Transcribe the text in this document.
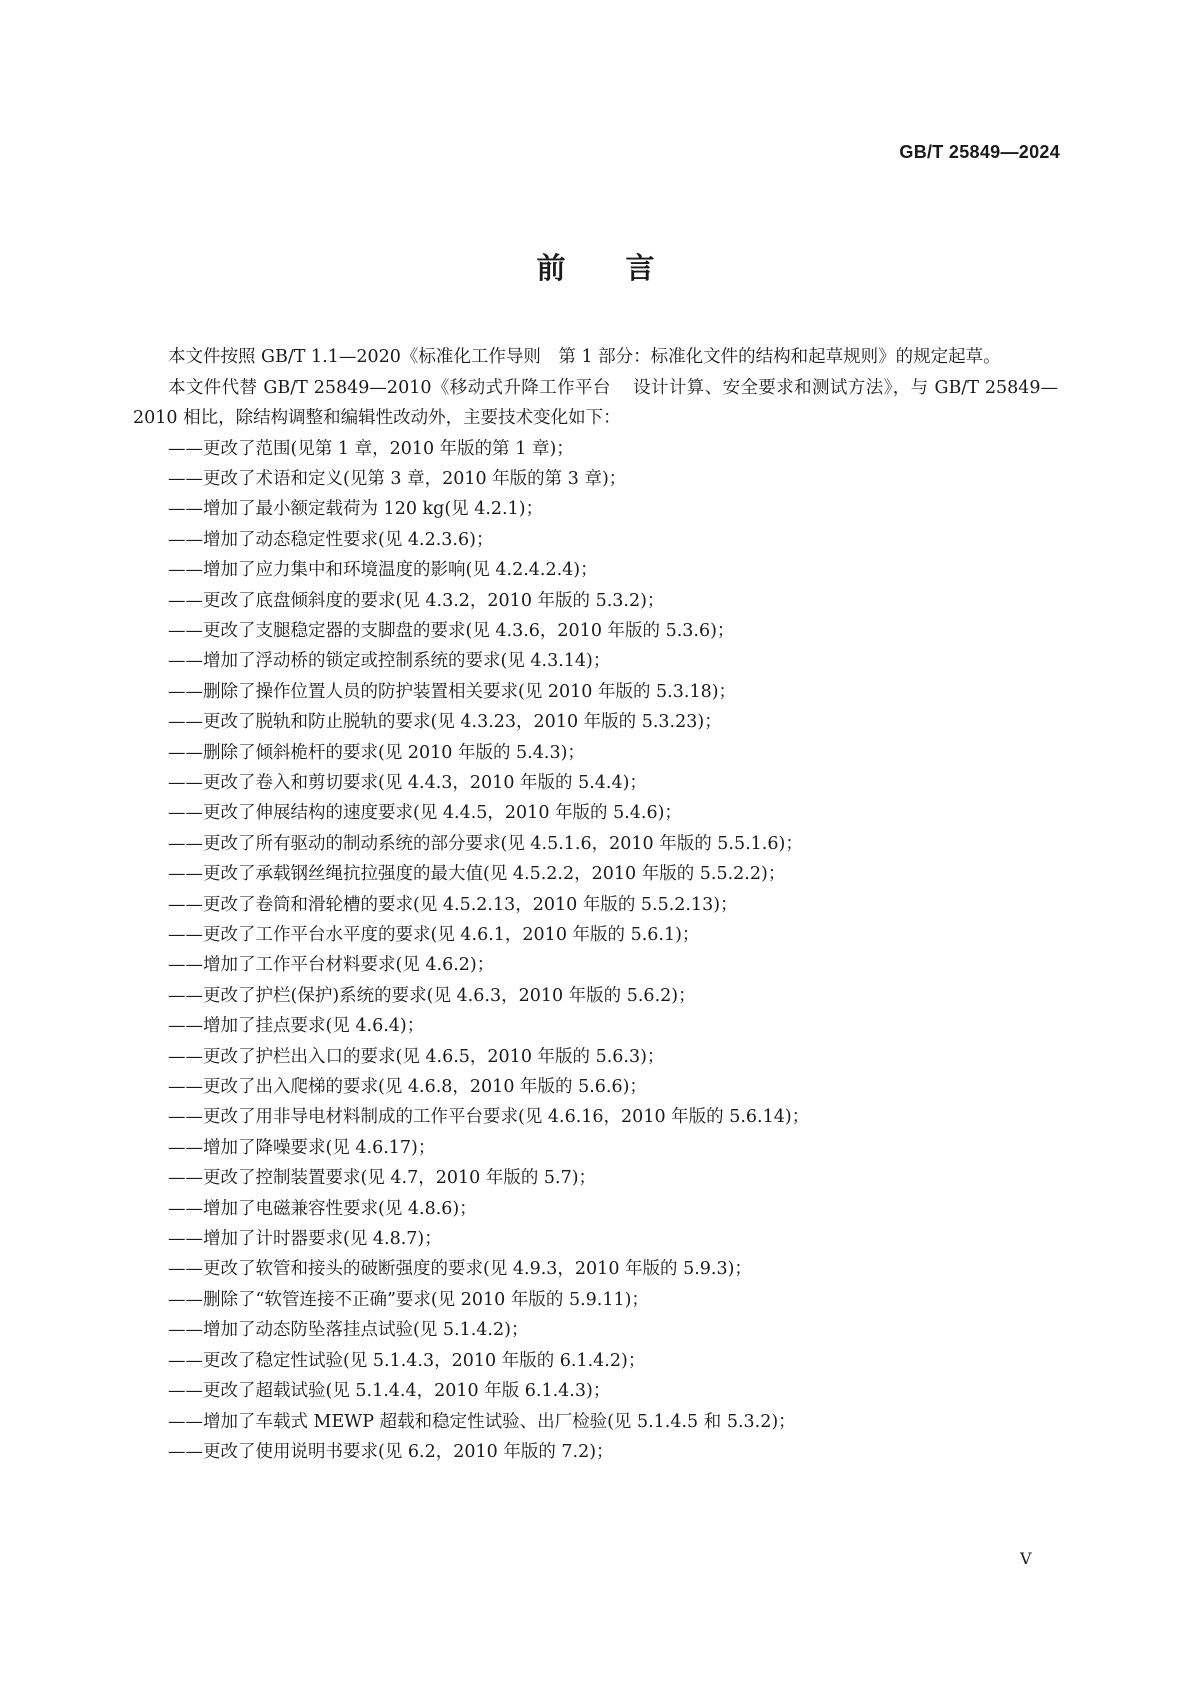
GB/T 25849—2024
前言

本文件按照 GB/T 1.1—2020《标准化工作导则　第 1 部分：标准化文件的结构和起草规则》的规定起草。

本文件代替 GB/T 25849—2010《移动式升降工作平台 设计计算、安全要求和测试方法》，与 GB/T 25849—2010 相比，除结构调整和编辑性改动外，主要技术变化如下：

——更改了范围(见第 1 章，2010 年版的第 1 章)；
——更改了术语和定义(见第 3 章，2010 年版的第 3 章)；
——增加了最小额定载荷为 120 kg(见 4.2.1)；
——增加了动态稳定性要求(见 4.2.3.6)；
——增加了应力集中和环境温度的影响(见 4.2.4.2.4)；
——更改了底盘倾斜度的要求(见 4.3.2，2010 年版的 5.3.2)；
——更改了支腿稳定器的支脚盘的要求(见 4.3.6，2010 年版的 5.3.6)；
——增加了浮动桥的锁定或控制系统的要求(见 4.3.14)；
——删除了操作位置人员的防护装置相关要求(见 2010 年版的 5.3.18)；
——更改了脱轨和防止脱轨的要求(见 4.3.23，2010 年版的 5.3.23)；
——删除了倾斜桅杆的要求(见 2010 年版的 5.4.3)；
——更改了卷入和剪切要求(见 4.4.3，2010 年版的 5.4.4)；
——更改了伸展结构的速度要求(见 4.4.5，2010 年版的 5.4.6)；
——更改了所有驱动的制动系统的部分要求(见 4.5.1.6，2010 年版的 5.5.1.6)；
——更改了承载钢丝绳抗拉强度的最大值(见 4.5.2.2，2010 年版的 5.5.2.2)；
——更改了卷筒和滑轮槽的要求(见 4.5.2.13，2010 年版的 5.5.2.13)；
——更改了工作平台水平度的要求(见 4.6.1，2010 年版的 5.6.1)；
——增加了工作平台材料要求(见 4.6.2)；
——更改了护栏(保护)系统的要求(见 4.6.3，2010 年版的 5.6.2)；
——增加了挂点要求(见 4.6.4)；
——更改了护栏出入口的要求(见 4.6.5，2010 年版的 5.6.3)；
——更改了出入爬梯的要求(见 4.6.8，2010 年版的 5.6.6)；
——更改了用非导电材料制成的工作平台要求(见 4.6.16，2010 年版的 5.6.14)；
——增加了降噪要求(见 4.6.17)；
——更改了控制装置要求(见 4.7，2010 年版的 5.7)；
——增加了电磁兼容性要求(见 4.8.6)；
——增加了计时器要求(见 4.8.7)；
——更改了软管和接头的破断强度的要求(见 4.9.3，2010 年版的 5.9.3)；
——删除了“软管连接不正确”要求(见 2010 年版的 5.9.11)；
——增加了动态防坠落挂点试验(见 5.1.4.2)；
——更改了稳定性试验(见 5.1.4.3，2010 年版的 6.1.4.2)；
——更改了超载试验(见 5.1.4.4，2010 年版 6.1.4.3)；
——增加了车载式 MEWP 超载和稳定性试验、出厂检验(见 5.1.4.5 和 5.3.2)；
——更改了使用说明书要求(见 6.2，2010 年版的 7.2)；
V
